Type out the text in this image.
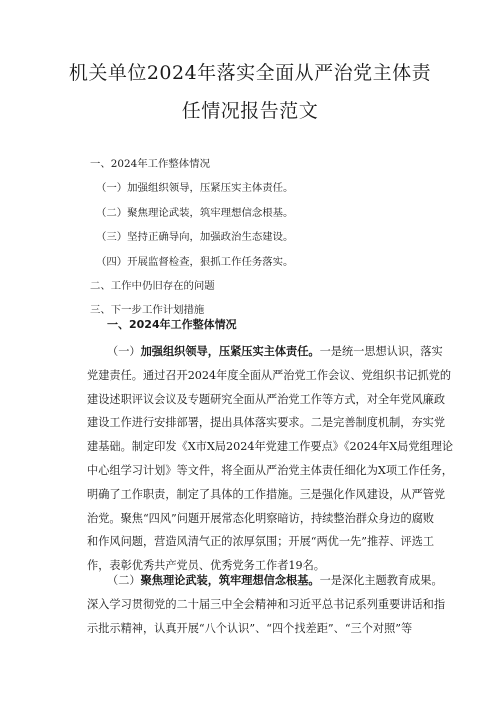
机关单位2024年落实全面从严治党主体责
任情况报告范文
一、2024年工作整体情况
（一）加强组织领导，压紧压实主体责任。
（二）聚焦理论武装，筑牢理想信念根基。
（三）坚持正确导向，加强政治生态建设。
（四）开展监督检查，狠抓工作任务落实。
二、工作中仍旧存在的问题
三、下一步工作计划措施
一、2024年工作整体情况
（一）加强组织领导，压紧压实主体责任。一是统一思想认识，落实
党建责任。通过召开2024年度全面从严治党工作会议、党组织书记抓党的
建设述职评议会议及专题研究全面从严治党工作等方式，对全年党风廉政
建设工作进行安排部署，提出具体落实要求。二是完善制度机制，夯实党
建基础。制定印发《X市X局2024年党建工作要点》《2024年X局党组理论
中心组学习计划》等文件，将全面从严治党主体责任细化为X项工作任务，
明确了工作职责，制定了具体的工作措施。三是强化作风建设，从严管党
治党。聚焦“四风”问题开展常态化明察暗访，持续整治群众身边的腐败
和作风问题，营造风清气正的浓厚氛围；开展“两优一先”推荐、评选工
作，表彰优秀共产党员、优秀党务工作者19名。
（二）聚焦理论武装，筑牢理想信念根基。一是深化主题教育成果。
深入学习贯彻党的二十届三中全会精神和习近平总书记系列重要讲话和指
示批示精神，认真开展“八个认识”、“四个找差距”、“三个对照”等
